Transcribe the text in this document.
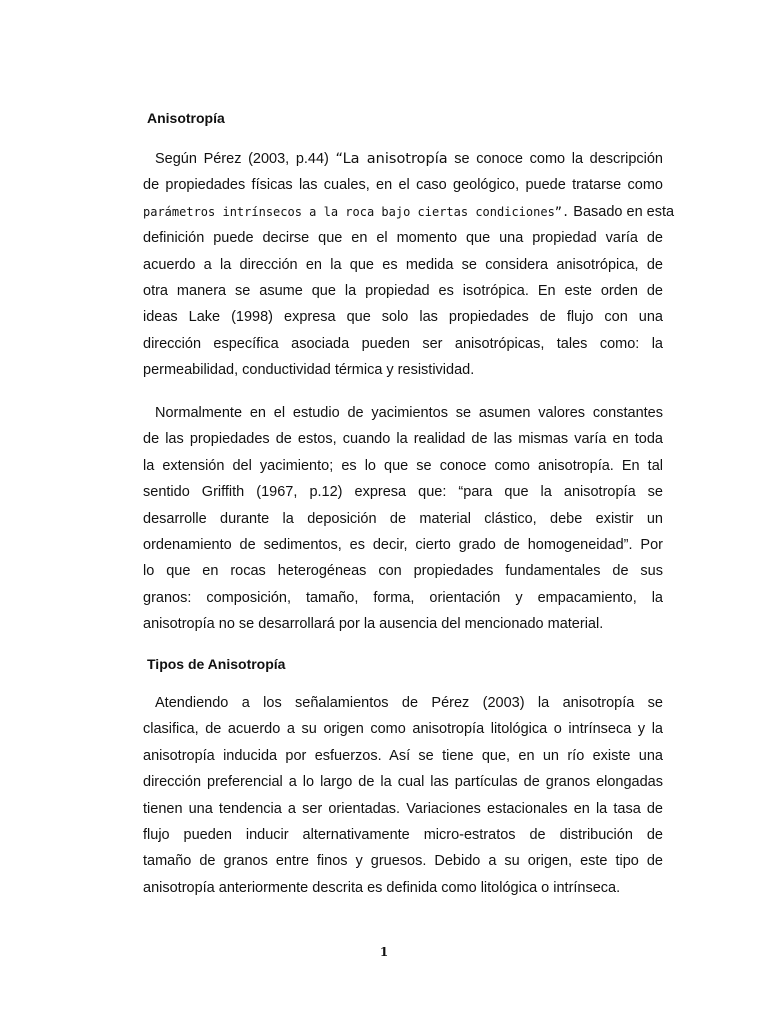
Anisotropía
Según Pérez (2003, p.44) “La anisotropía se conoce como la descripción
de propiedades físicas las cuales, en el caso geológico, puede tratarse como
parámetros intrínsecos a la roca bajo ciertas condiciones”. Basado en esta
definición puede decirse que en el momento que una propiedad varía de
acuerdo a la dirección en la que es medida se considera anisotrópica, de
otra manera se asume que la propiedad es isotrópica. En este orden de
ideas Lake (1998) expresa que solo las propiedades de flujo con una
dirección específica asociada pueden ser anisotrópicas, tales como: la
permeabilidad, conductividad térmica y resistividad.
Normalmente en el estudio de yacimientos se asumen valores constantes
de las propiedades de estos, cuando la realidad de las mismas varía en toda
la extensión del yacimiento; es lo que se conoce como anisotropía. En tal
sentido Griffith (1967, p.12) expresa que: “para que la anisotropía se
desarrolle durante la deposición de material clástico, debe existir un
ordenamiento de sedimentos, es decir, cierto grado de homogeneidad”. Por
lo que en rocas heterogéneas con propiedades fundamentales de sus
granos: composición, tamaño, forma, orientación y empacamiento, la
anisotropía no se desarrollará por la ausencia del mencionado material.
Tipos de Anisotropía
Atendiendo a los señalamientos de Pérez (2003) la anisotropía se
clasifica, de acuerdo a su origen como anisotropía litológica o intrínseca y la
anisotropía inducida por esfuerzos. Así se tiene que, en un río existe una
dirección preferencial a lo largo de la cual las partículas de granos elongadas
tienen una tendencia a ser orientadas. Variaciones estacionales en la tasa de
flujo pueden inducir alternativamente micro-estratos de distribución de
tamaño de granos entre finos y gruesos. Debido a su origen, este tipo de
anisotropía anteriormente descrita es definida como litológica o intrínseca.
1
